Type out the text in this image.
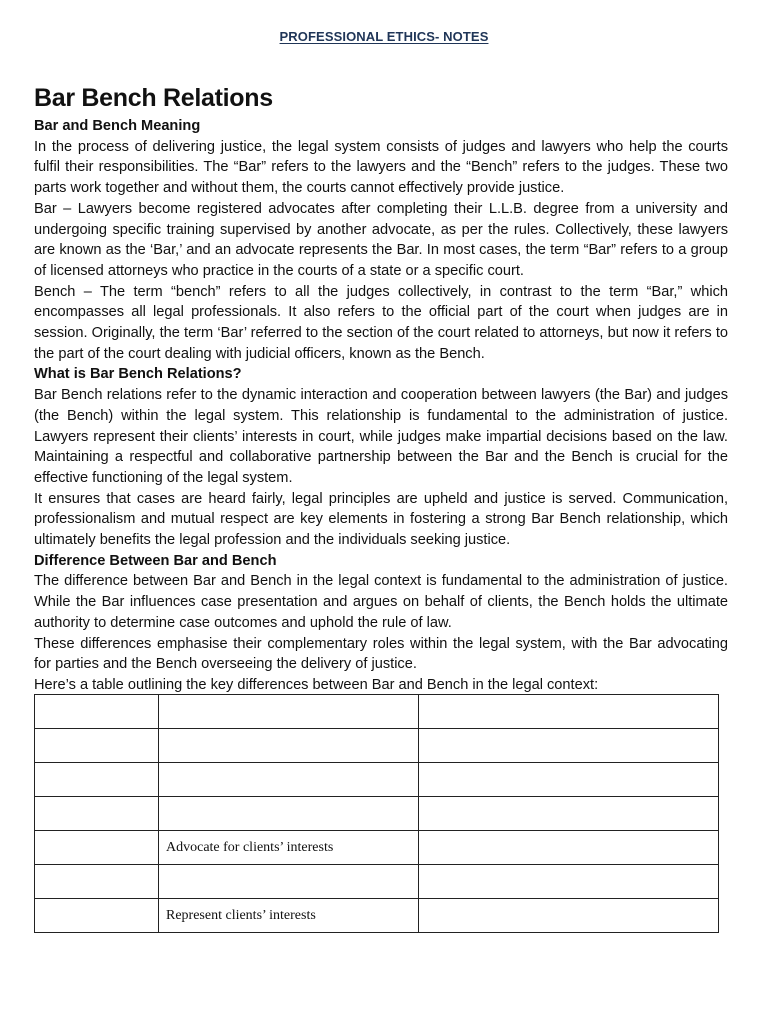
PROFESSIONAL ETHICS- NOTES
Bar Bench Relations
Bar and Bench Meaning

In the process of delivering justice, the legal system consists of judges and lawyers who help the courts fulfil their responsibilities. The “Bar” refers to the lawyers and the “Bench” refers to the judges. These two parts work together and without them, the courts cannot effectively provide justice.

Bar – Lawyers become registered advocates after completing their L.L.B. degree from a university and undergoing specific training supervised by another advocate, as per the rules. Collectively, these lawyers are known as the ‘Bar,’ and an advocate represents the Bar. In most cases, the term “Bar” refers to a group of licensed attorneys who practice in the courts of a state or a specific court.

Bench – The term “bench” refers to all the judges collectively, in contrast to the term “Bar,” which encompasses all legal professionals. It also refers to the official part of the court when judges are in session. Originally, the term ‘Bar’ referred to the section of the court related to attorneys, but now it refers to the part of the court dealing with judicial officers, known as the Bench.

What is Bar Bench Relations?

Bar Bench relations refer to the dynamic interaction and cooperation between lawyers (the Bar) and judges (the Bench) within the legal system. This relationship is fundamental to the administration of justice. Lawyers represent their clients’ interests in court, while judges make impartial decisions based on the law. Maintaining a respectful and collaborative partnership between the Bar and the Bench is crucial for the effective functioning of the legal system.

It ensures that cases are heard fairly, legal principles are upheld and justice is served. Communication, professionalism and mutual respect are key elements in fostering a strong Bar Bench relationship, which ultimately benefits the legal profession and the individuals seeking justice.

Difference Between Bar and Bench

The difference between Bar and Bench in the legal context is fundamental to the administration of justice. While the Bar influences case presentation and argues on behalf of clients, the Bench holds the ultimate authority to determine case outcomes and uphold the rule of law.

These differences emphasise their complementary roles within the legal system, with the Bar advocating for parties and the Bench overseeing the delivery of justice.

Here’s a table outlining the key differences between Bar and Bench in the legal context:

	Advocate for clients’ interests	

	Represent clients’ interests	
